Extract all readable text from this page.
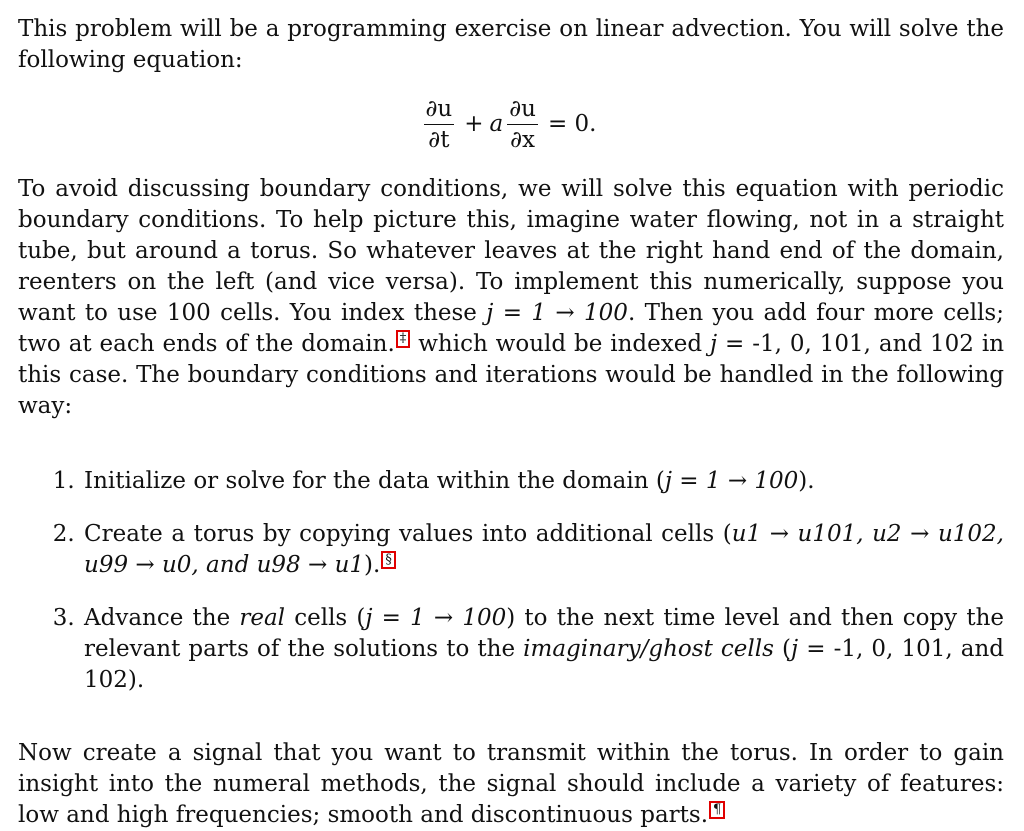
This problem will be a programming exercise on linear advection. You will solve the following equation:

$\frac{\partial u}{\partial t} + a \frac{\partial u}{\partial x} = 0$.

To avoid discussing boundary conditions, we will solve this equation with periodic boundary conditions. To help picture this, imagine water flowing, not in a straight tube, but around a torus. So whatever leaves at the right hand end of the domain, reenters on the left (and vice versa). To implement this numerically, suppose you want to use 100 cells. You index these j = 1 → 100. Then you add four more cells; two at each ends of the domain. ‡ which would be indexed j = -1, 0, 101, and 102 in this case. The boundary conditions and iterations would be handled in the following way:

1. Initialize or solve for the data within the domain (j = 1 → 100).
2. Create a torus by copying values into additional cells (u1 → u101, u2 → u102, u99 → u0, and u98 → u1). §
3. Advance the real cells (j = 1 → 100) to the next time level and then copy the relevant parts of the solutions to the imaginary/ghost cells (j = -1, 0, 101, and 102).

Now create a signal that you want to transmit within the torus. In order to gain insight into the numeral methods, the signal should include a variety of features: low and high frequencies; smooth and discontinuous parts. ¶
